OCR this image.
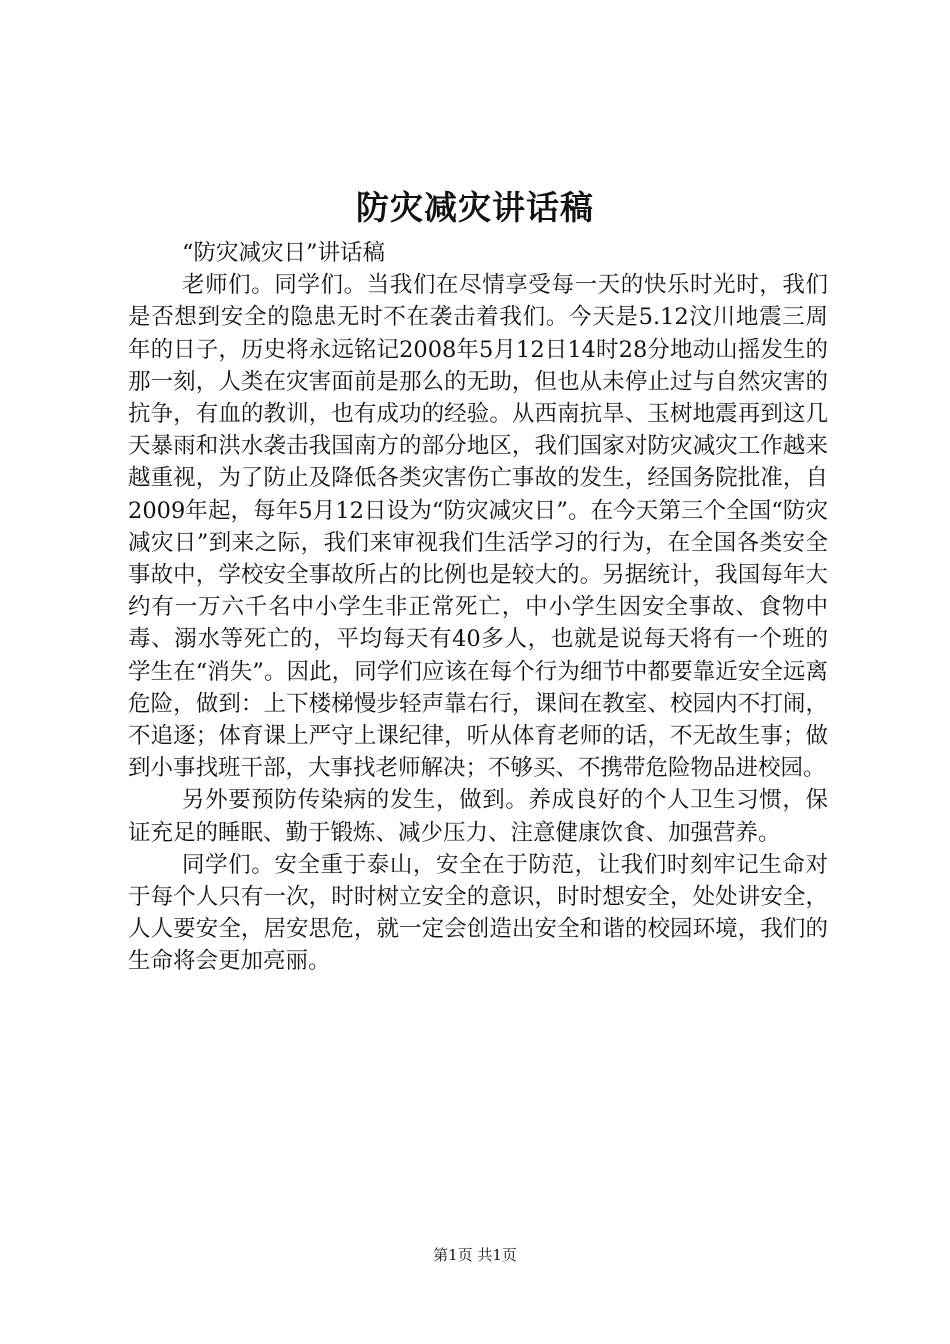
防灾减灾讲话稿

“防灾减灾日”讲话稿

老师们。同学们。当我们在尽情享受每一天的快乐时光时，我们是否想到安全的隐患无时不在袭击着我们。今天是5.12汶川地震三周年的日子，历史将永远铭记2008年5月12日14时28分地动山摇发生的那一刻，人类在灾害面前是那么的无助，但也从未停止过与自然灾害的抗争，有血的教训，也有成功的经验。从西南抗旱、玉树地震再到这几天暴雨和洪水袭击我国南方的部分地区，我们国家对防灾减灾工作越来越重视，为了防止及降低各类灾害伤亡事故的发生，经国务院批准，自2009年起，每年5月12日设为“防灾减灾日”。在今天第三个全国“防灾减灾日”到来之际，我们来审视我们生活学习的行为，在全国各类安全事故中，学校安全事故所占的比例也是较大的。另据统计，我国每年大约有一万六千名中小学生非正常死亡，中小学生因安全事故、食物中毒、溺水等死亡的，平均每天有40多人，也就是说每天将有一个班的学生在“消失”。因此，同学们应该在每个行为细节中都要靠近安全远离危险，做到：上下楼梯慢步轻声靠右行，课间在教室、校园内不打闹，不追逐；体育课上严守上课纪律，听从体育老师的话，不无故生事；做到小事找班干部，大事找老师解决；不够买、不携带危险物品进校园。

另外要预防传染病的发生，做到。养成良好的个人卫生习惯，保证充足的睡眠、勤于锻炼、减少压力、注意健康饮食、加强营养。

同学们。安全重于泰山，安全在于防范，让我们时刻牢记生命对于每个人只有一次，时时树立安全的意识，时时想安全，处处讲安全，人人要安全，居安思危，就一定会创造出安全和谐的校园环境，我们的生命将会更加亮丽。

第1页 共1页
